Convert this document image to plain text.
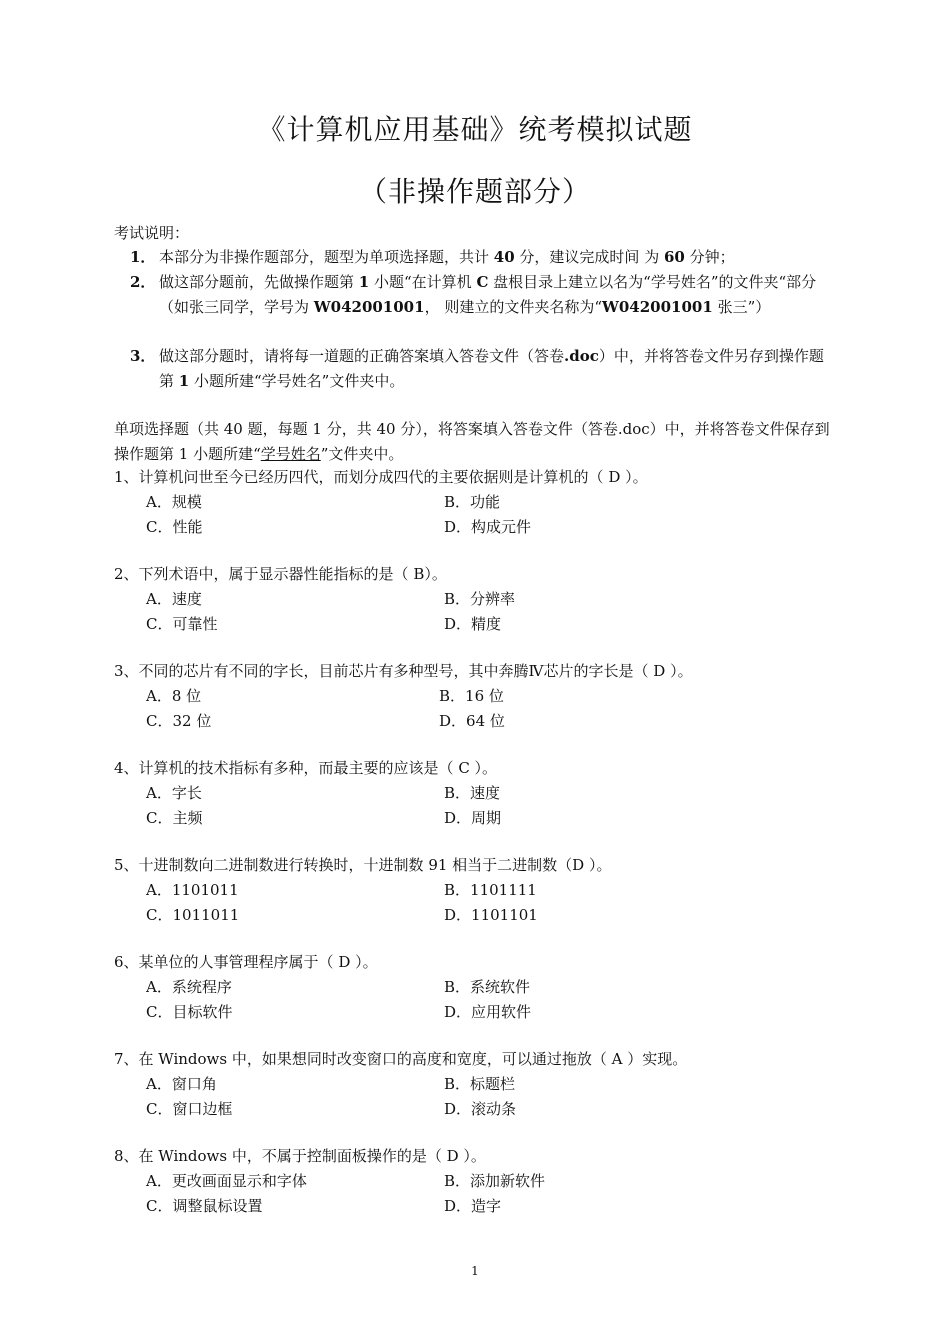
《计算机应用基础》统考模拟试题
（非操作题部分）
考试说明：
1． 本部分为非操作题部分，题型为单项选择题，共计 40 分，建议完成时间 为 60 分钟；
2． 做这部分题前，先做操作题第 1 小题“在计算机 C 盘根目录上建立以名为“学号姓名”的文件夹“部分（如张三同学，学号为 W042001001， 则建立的文件夹名称为“W042001001 张三”）
3． 做这部分题时，请将每一道题的正确答案填入答卷文件（答卷.doc）中，并将答卷文件另存到操作题第 1 小题所建“学号姓名”文件夹中。
单项选择题（共 40 题，每题 1 分，共 40 分），将答案填入答卷文件（答卷.doc）中，并将答卷文件保存到操作题第 1 小题所建“学号姓名”文件夹中。
1、计算机问世至今已经历四代，而划分成四代的主要依据则是计算机的（ D ）。
A．规模	B．功能
C．性能	D．构成元件
2、下列术语中，属于显示器性能指标的是（ B）。
A．速度	B．分辨率
C．可靠性	D．精度
3、不同的芯片有不同的字长，目前芯片有多种型号，其中奔腾Ⅳ芯片的字长是（ D ）。
A．8 位	B．16 位
C．32 位	D．64 位
4、计算机的技术指标有多种，而最主要的应该是（ C ）。
A．字长	B．速度
C．主频	D．周期
5、十进制数向二进制数进行转换时，十进制数 91 相当于二进制数（D ）。
A．1101011	B．1101111
C．1011011	D．1101101
6、某单位的人事管理程序属于（ D ）。
A．系统程序	B．系统软件
C．目标软件	D．应用软件
7、在 Windows 中，如果想同时改变窗口的高度和宽度，可以通过拖放（ A ）实现。
A．窗口角	B．标题栏
C．窗口边框	D．滚动条
8、在 Windows 中，不属于控制面板操作的是（ D ）。
A．更改画面显示和字体	B．添加新软件
C．调整鼠标设置	D．造字
1
